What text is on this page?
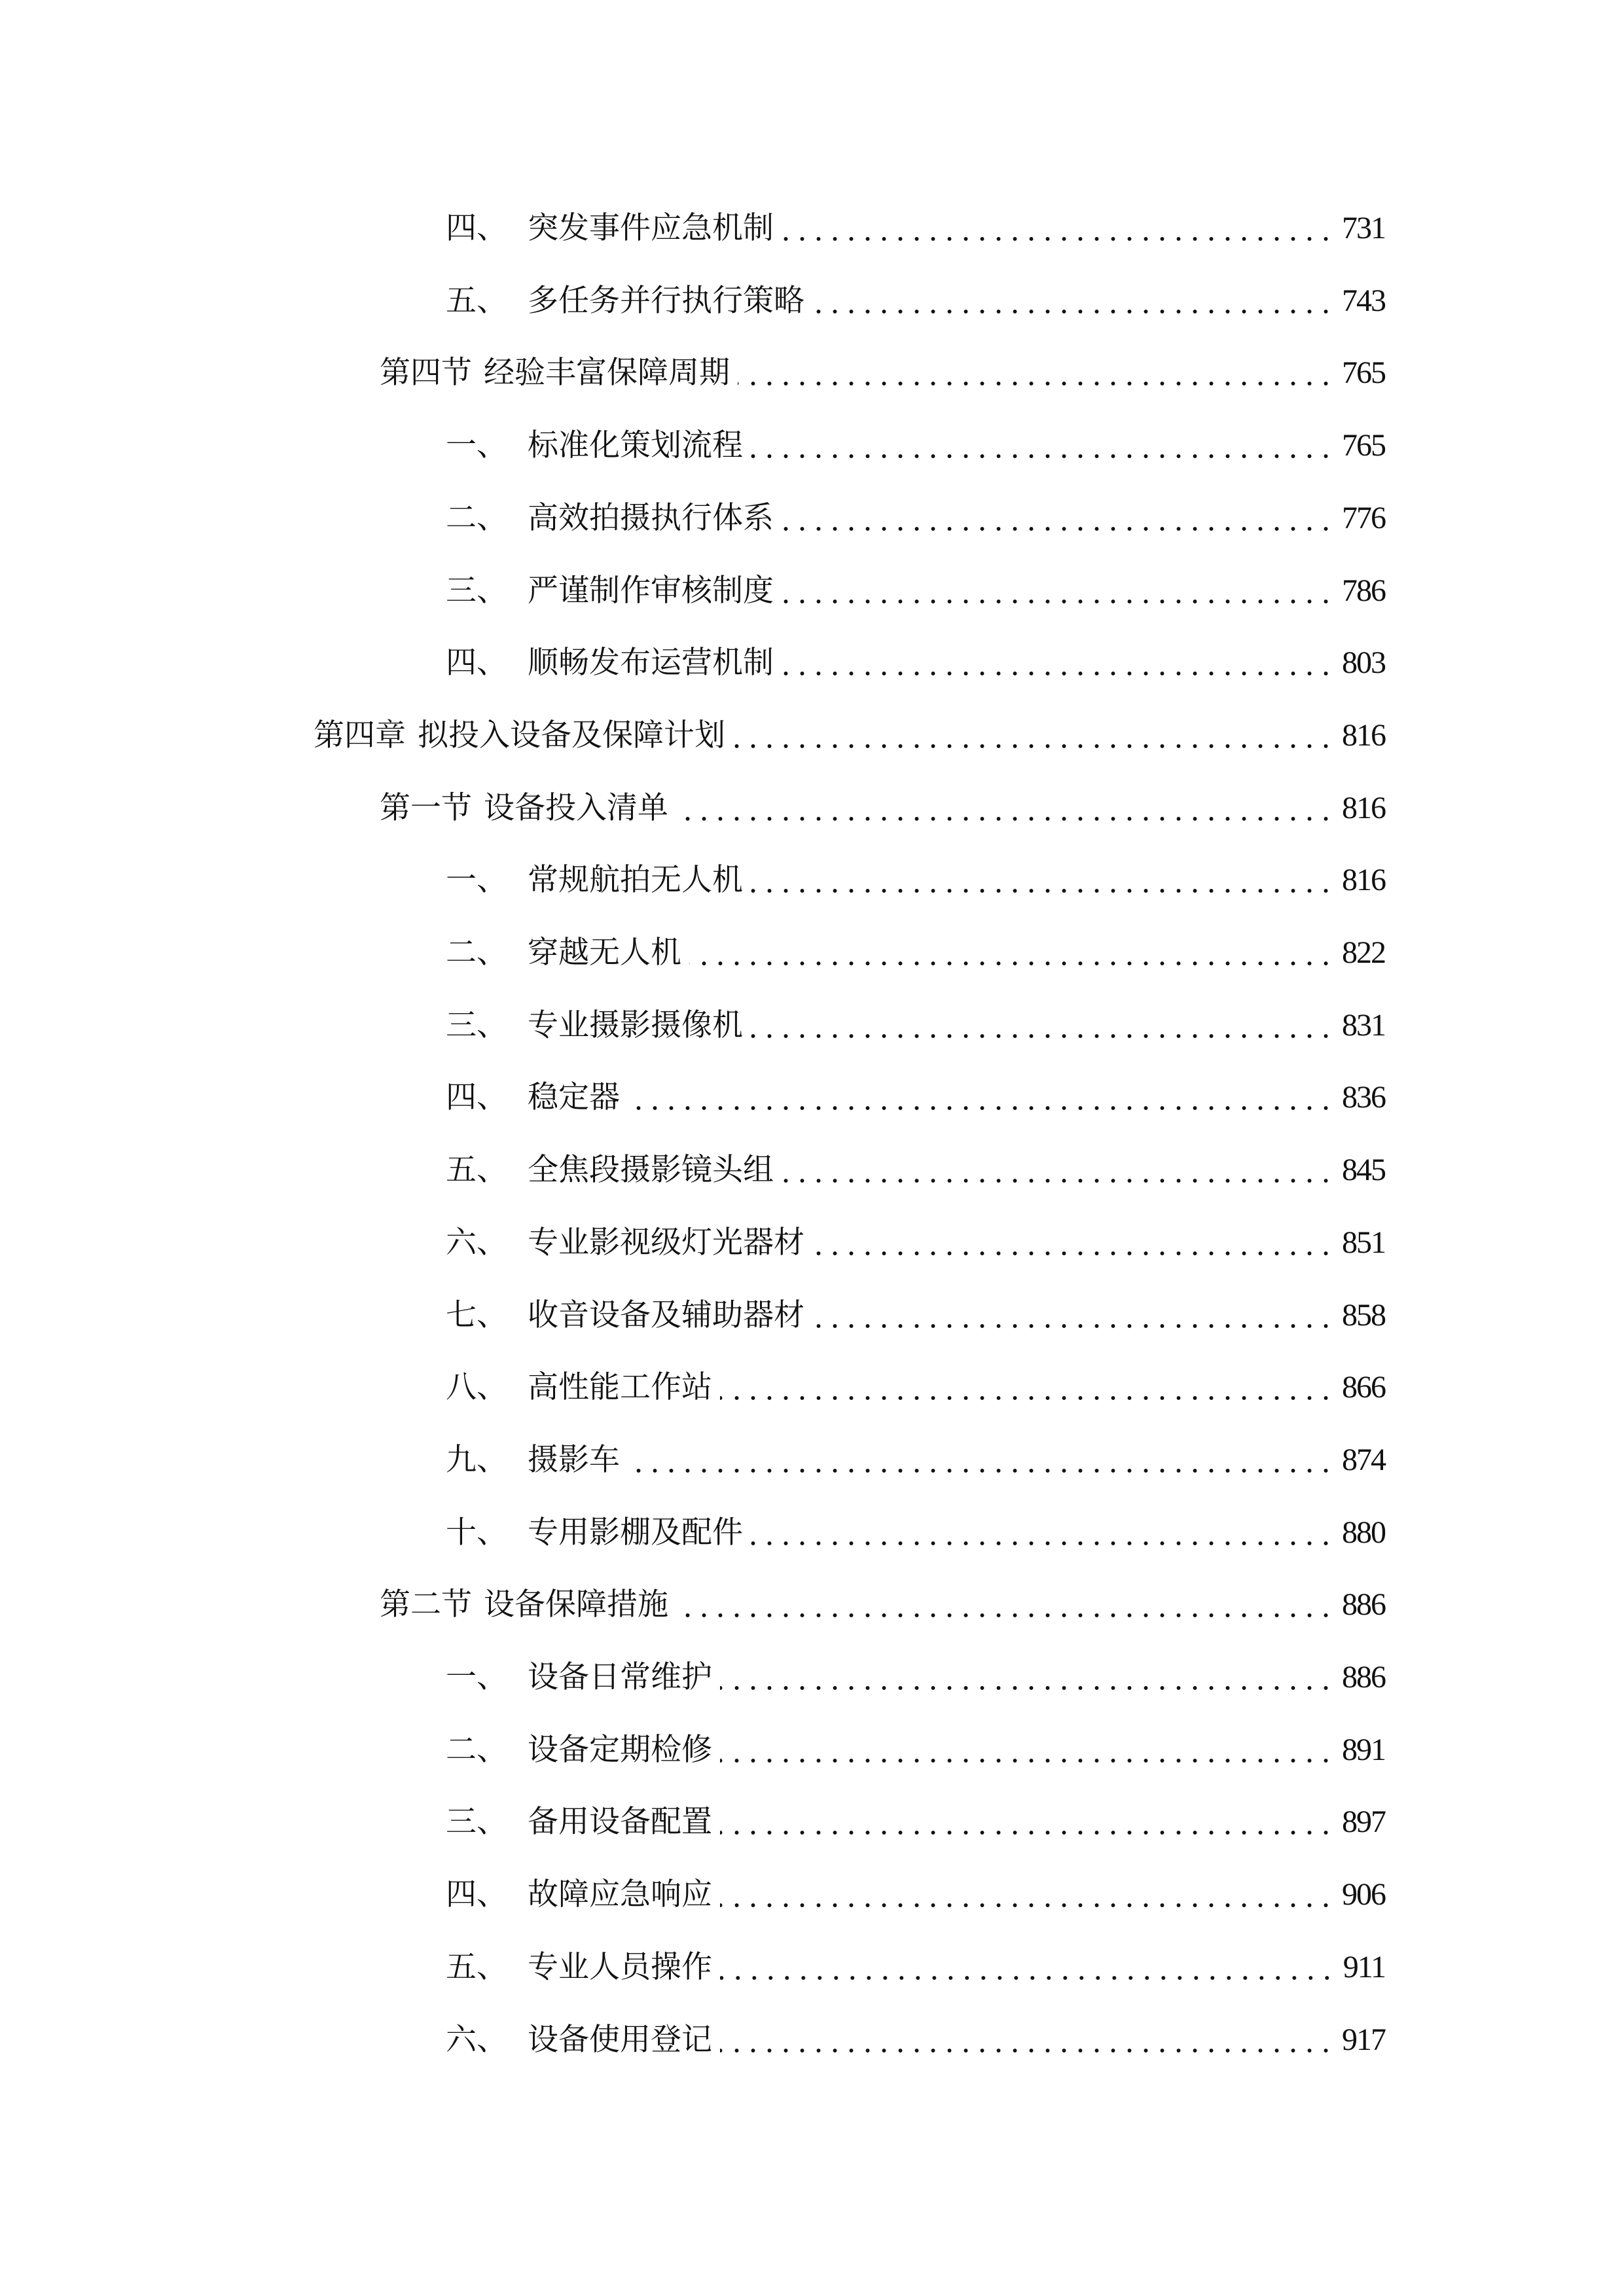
四、 突发事件应急机制	731
五、 多任务并行执行策略	743
第四节 经验丰富保障周期	765
一、 标准化策划流程	765
二、 高效拍摄执行体系	776
三、 严谨制作审核制度	786
四、 顺畅发布运营机制	803
第四章 拟投入设备及保障计划	816
第一节 设备投入清单	816
一、 常规航拍无人机	816
二、 穿越无人机	822
三、 专业摄影摄像机	831
四、 稳定器	836
五、 全焦段摄影镜头组	845
六、 专业影视级灯光器材	851
七、 收音设备及辅助器材	858
八、 高性能工作站	866
九、 摄影车	874
十、 专用影棚及配件	880
第二节 设备保障措施	886
一、 设备日常维护	886
二、 设备定期检修	891
三、 备用设备配置	897
四、 故障应急响应	906
五、 专业人员操作	911
六、 设备使用登记	917
